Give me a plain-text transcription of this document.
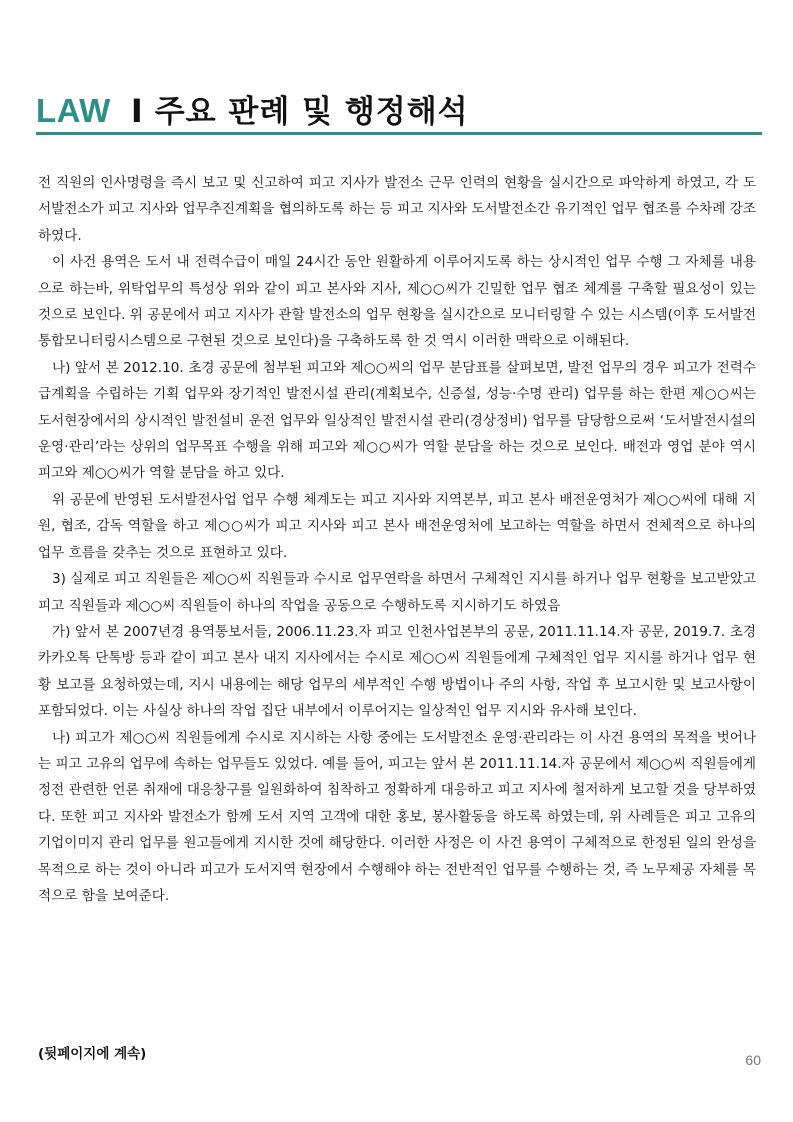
LAW I 주요 판례 및 행정해석

전 직원의 인사명령을 즉시 보고 및 신고하여 피고 지사가 발전소 근무 인력의 현황을 실시간으로 파악하게 하였고, 각 도서발전소가 피고 지사와 업무추진계획을 협의하도록 하는 등 피고 지사와 도서발전소간 유기적인 업무 협조를 수차례 강조하였다.

이 사건 용역은 도서 내 전력수급이 매일 24시간 동안 원활하게 이루어지도록 하는 상시적인 업무 수행 그 자체를 내용으로 하는바, 위탁업무의 특성상 위와 같이 피고 본사와 지사, 제○○씨가 긴밀한 업무 협조 체계를 구축할 필요성이 있는 것으로 보인다. 위 공문에서 피고 지사가 관할 발전소의 업무 현황을 실시간으로 모니터링할 수 있는 시스템(이후 도서발전통합모니터링시스템으로 구현된 것으로 보인다)을 구축하도록 한 것 역시 이러한 맥락으로 이해된다.

나) 앞서 본 2012.10. 초경 공문에 첨부된 피고와 제○○씨의 업무 분담표를 살펴보면, 발전 업무의 경우 피고가 전력수급계획을 수립하는 기획 업무와 장기적인 발전시설 관리(계획보수, 신증설, 성능·수명 관리) 업무를 하는 한편 제○○씨는 도서현장에서의 상시적인 발전설비 운전 업무와 일상적인 발전시설 관리(경상정비) 업무를 담당함으로써 ‘도서발전시설의 운영·관리’라는 상위의 업무목표 수행을 위해 피고와 제○○씨가 역할 분담을 하는 것으로 보인다. 배전과 영업 분야 역시 피고와 제○○씨가 역할 분담을 하고 있다.

위 공문에 반영된 도서발전사업 업무 수행 체계도는 피고 지사와 지역본부, 피고 본사 배전운영처가 제○○씨에 대해 지원, 협조, 감독 역할을 하고 제○○씨가 피고 지사와 피고 본사 배전운영처에 보고하는 역할을 하면서 전체적으로 하나의 업무 흐름을 갖추는 것으로 표현하고 있다.

3) 실제로 피고 직원들은 제○○씨 직원들과 수시로 업무연락을 하면서 구체적인 지시를 하거나 업무 현황을 보고받았고 피고 직원들과 제○○씨 직원들이 하나의 작업을 공동으로 수행하도록 지시하기도 하였음

가) 앞서 본 2007년경 용역통보서들, 2006.11.23.자 피고 인천사업본부의 공문, 2011.11.14.자 공문, 2019.7. 초경 카카오톡 단톡방 등과 같이 피고 본사 내지 지사에서는 수시로 제○○씨 직원들에게 구체적인 업무 지시를 하거나 업무 현황 보고를 요청하였는데, 지시 내용에는 해당 업무의 세부적인 수행 방법이나 주의 사항, 작업 후 보고시한 및 보고사항이 포함되었다. 이는 사실상 하나의 작업 집단 내부에서 이루어지는 일상적인 업무 지시와 유사해 보인다.

나) 피고가 제○○씨 직원들에게 수시로 지시하는 사항 중에는 도서발전소 운영·관리라는 이 사건 용역의 목적을 벗어나는 피고 고유의 업무에 속하는 업무들도 있었다. 예를 들어, 피고는 앞서 본 2011.11.14.자 공문에서 제○○씨 직원들에게 정전 관련한 언론 취재에 대응창구를 일원화하여 침착하고 정확하게 대응하고 피고 지사에 철저하게 보고할 것을 당부하였다. 또한 피고 지사와 발전소가 함께 도서 지역 고객에 대한 홍보, 봉사활동을 하도록 하였는데, 위 사례들은 피고 고유의 기업이미지 관리 업무를 원고들에게 지시한 것에 해당한다. 이러한 사정은 이 사건 용역이 구체적으로 한정된 일의 완성을 목적으로 하는 것이 아니라 피고가 도서지역 현장에서 수행해야 하는 전반적인 업무를 수행하는 것, 즉 노무제공 자체를 목적으로 함을 보여준다.

(뒷페이지에 계속)	60
